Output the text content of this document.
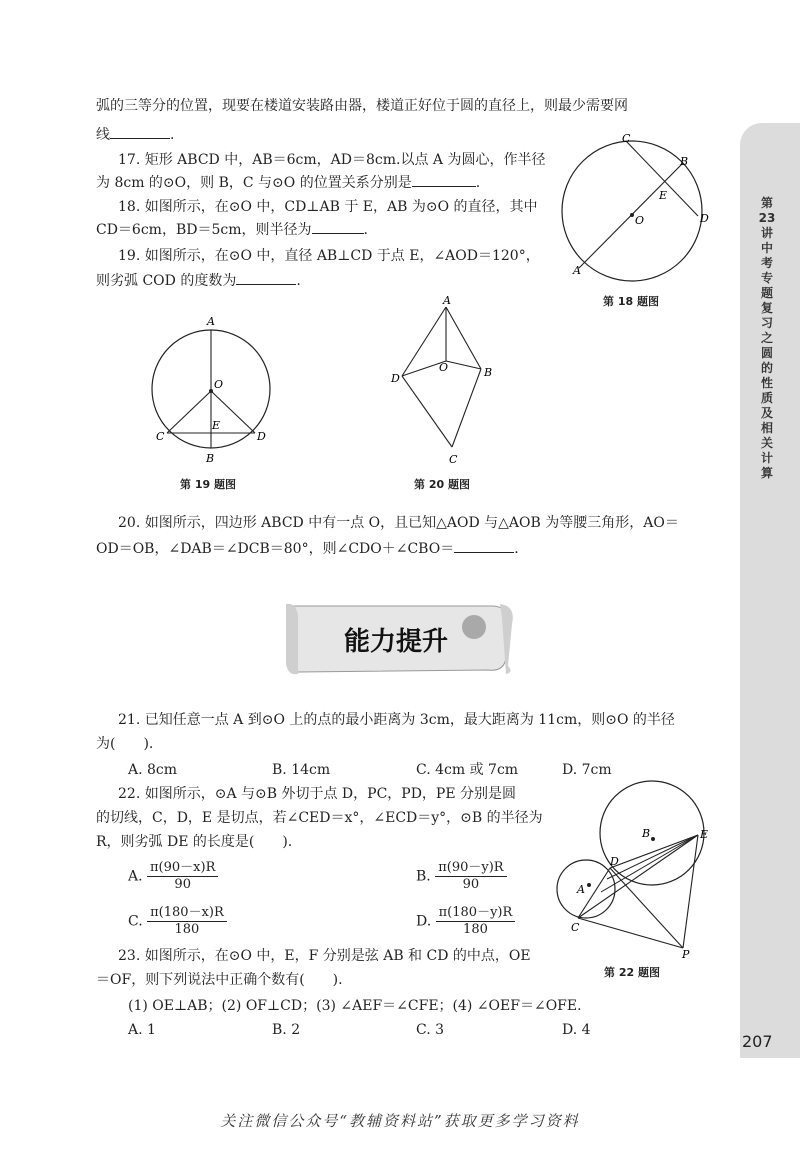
第23讲 中考专题复习之圆的性质及相关计算
207
弧的三等分的位置，现要在楼道安装路由器，楼道正好位于圆的直径上，则最少需要网
线	.
17. 矩形 ABCD 中，AB＝6cm，AD＝8cm.以点 A 为圆心，作半径
为 8cm 的⊙O，则 B，C 与⊙O 的位置关系分别是	.
18. 如图所示，在⊙O 中，CD⊥AB 于 E，AB 为⊙O 的直径，其中
CD＝6cm，BD＝5cm，则半径为	.
19. 如图所示，在⊙O 中，直径 AB⊥CD 于点 E，∠AOD＝120°，
则劣弧 COD 的度数为	.
C
B
E
O	D
A
第 18 题图
A
O
E
C	D
B
第 19 题图
A
O
D	B
C
第 20 题图
20. 如图所示，四边形 ABCD 中有一点 O，且已知△AOD 与△AOB 为等腰三角形，AO＝
OD＝OB，∠DAB＝∠DCB＝80°，则∠CDO＋∠CBO＝	.
能力提升
21. 已知任意一点 A 到⊙O 上的点的最小距离为 3cm，最大距离为 11cm，则⊙O 的半径
为(　　).
A. 8cm	B. 14cm	C. 4cm 或 7cm	D. 7cm
22. 如图所示，⊙A 与⊙B 外切于点 D，PC，PD，PE 分别是圆
的切线，C，D，E 是切点，若∠CED＝x°，∠ECD＝y°，⊙B 的半径为
R，则劣弧 DE 的长度是(　　).
A. $\frac{\pi(90-x)R}{90}$	B. $\frac{\pi(90-y)R}{90}$
C. $\frac{\pi(180-x)R}{180}$	D. $\frac{\pi(180-y)R}{180}$
B	E
D
A
C
P
第 22 题图
23. 如图所示，在⊙O 中，E，F 分别是弦 AB 和 CD 的中点，OE
＝OF，则下列说法中正确个数有(　　).
(1) OE⊥AB；(2) OF⊥CD；(3) ∠AEF＝∠CFE；(4) ∠OEF＝∠OFE.
A. 1	B. 2	C. 3	D. 4
关注微信公众号“教辅资料站”获取更多学习资料
